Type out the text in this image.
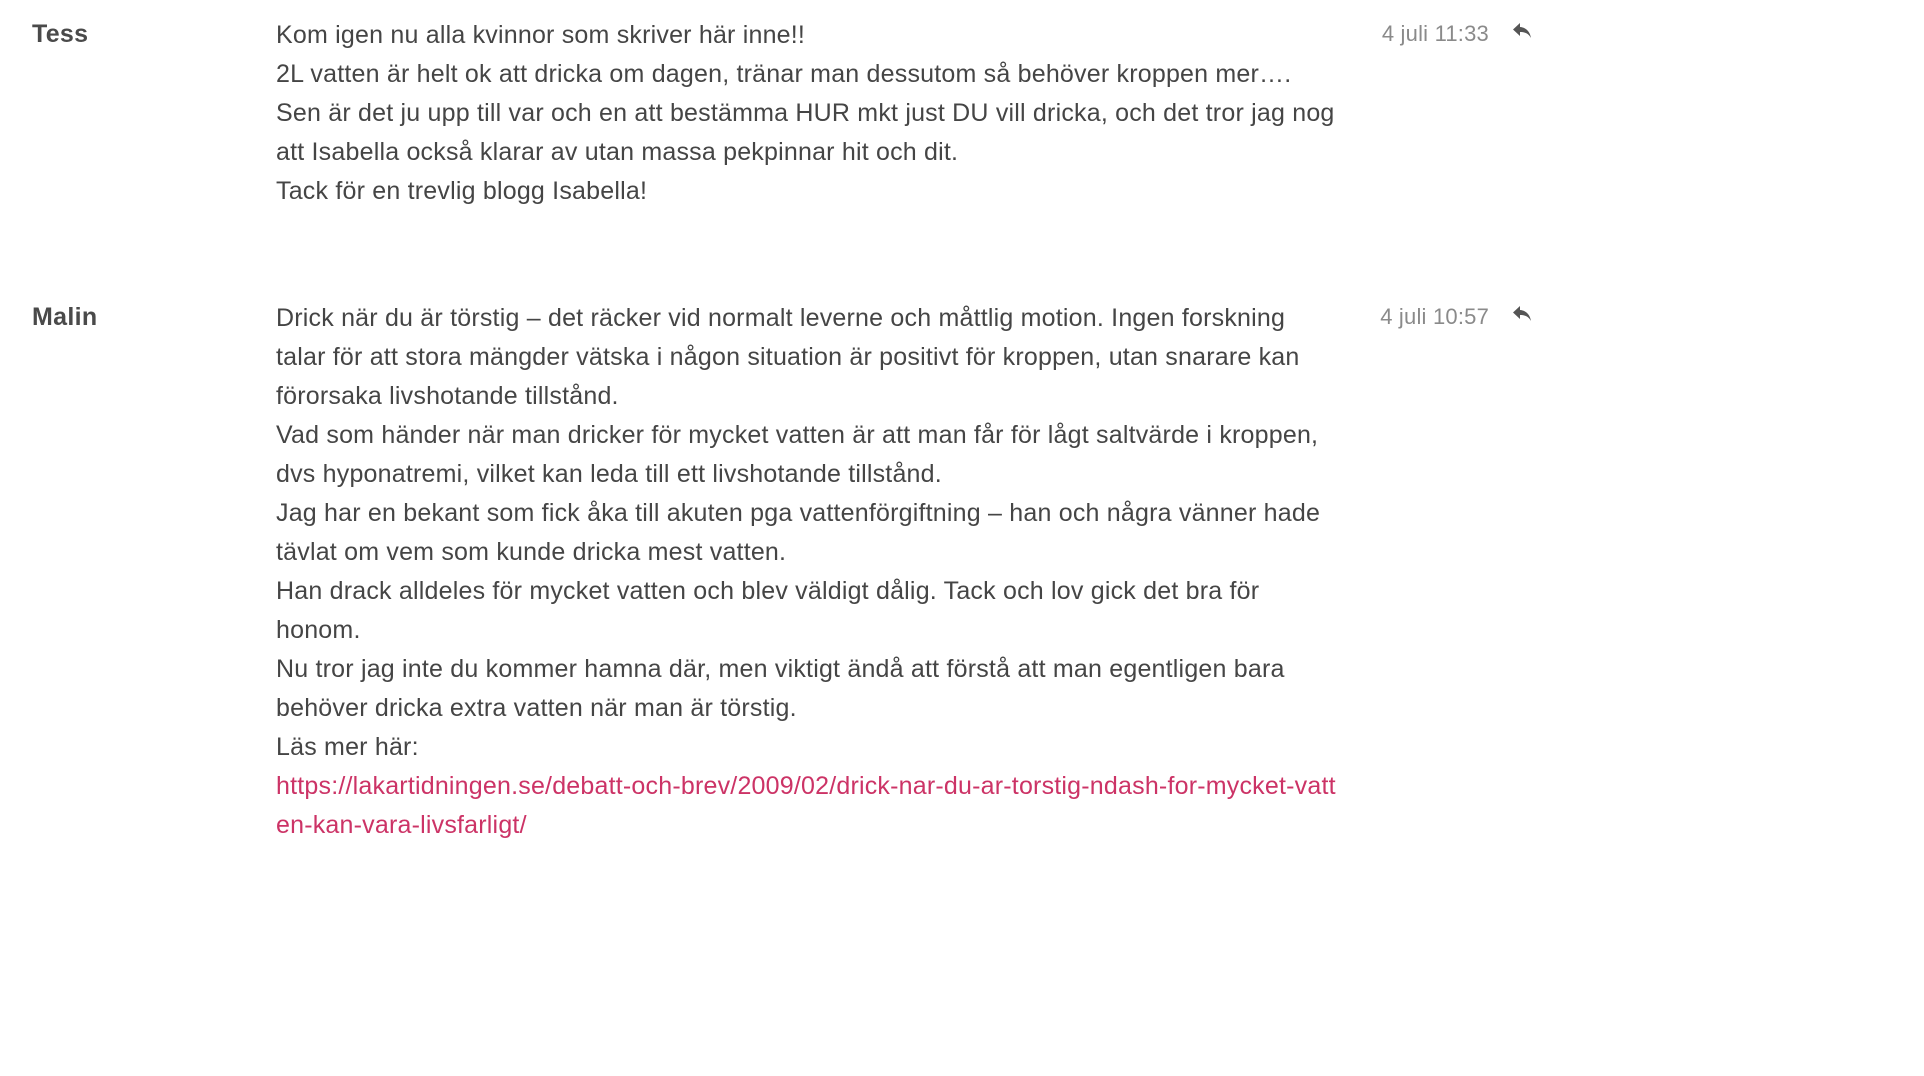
Tess	Kom igen nu alla kvinnor som skriver här inne!!

2L vatten är helt ok att dricka om dagen, tränar man dessutom så behöver kroppen mer….

Sen är det ju upp till var och en att bestämma HUR mkt just DU vill dricka, och det tror jag nog att Isabella också klarar av utan massa pekpinnar hit och dit.

Tack för en trevlig blogg Isabella!

4 juli 11:33
Malin	Drick när du är törstig – det räcker vid normalt leverne och måttlig motion. Ingen forskning talar för att stora mängder vätska i någon situation är positivt för kroppen, utan snarare kan förorsaka livshotande tillstånd.

Vad som händer när man dricker för mycket vatten är att man får för lågt saltvärde i kroppen, dvs hyponatremi, vilket kan leda till ett livshotande tillstånd.

Jag har en bekant som fick åka till akuten pga vattenförgiftning – han och några vänner hade tävlat om vem som kunde dricka mest vatten.

Han drack alldeles för mycket vatten och blev väldigt dålig. Tack och lov gick det bra för honom.

Nu tror jag inte du kommer hamna där, men viktigt ändå att förstå att man egentligen bara behöver dricka extra vatten när man är törstig.

Läs mer här:

https://lakartidningen.se/debatt-och-brev/2009/02/drick-nar-du-ar-torstig-ndash-for-mycket-vatten-kan-vara-livsfarligt/

4 juli 10:57
